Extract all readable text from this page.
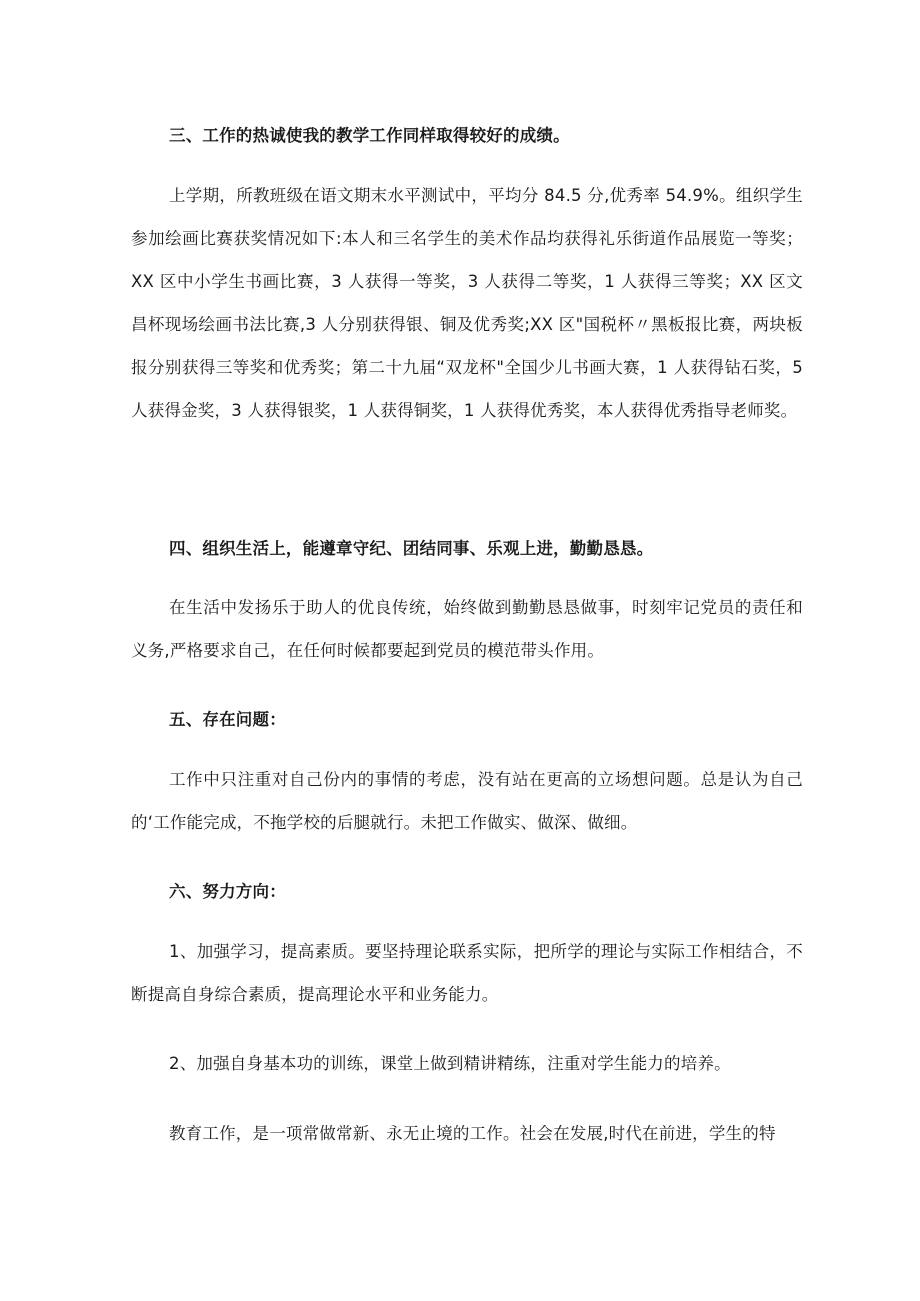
三、工作的热诚使我的教学工作同样取得较好的成绩。

上学期，所教班级在语文期末水平测试中，平均分 84.5 分,优秀率 54.9%。组织学生参加绘画比赛获奖情况如下:本人和三名学生的美术作品均获得礼乐街道作品展览一等奖；XX 区中小学生书画比赛，3 人获得一等奖，3 人获得二等奖，1 人获得三等奖；XX 区文昌杯现场绘画书法比赛,3 人分别获得银、铜及优秀奖;XX 区"国税杯〃黑板报比赛，两块板报分别获得三等奖和优秀奖；第二十九届“双龙杯"全国少儿书画大赛，1 人获得钻石奖，5 人获得金奖，3 人获得银奖，1 人获得铜奖，1 人获得优秀奖，本人获得优秀指导老师奖。

四、组织生活上，能遵章守纪、团结同事、乐观上进，勤勤恳恳。

在生活中发扬乐于助人的优良传统，始终做到勤勤恳恳做事，时刻牢记党员的责任和义务,严格要求自己，在任何时候都要起到党员的模范带头作用。

五、存在问题：

工作中只注重对自己份内的事情的考虑，没有站在更高的立场想问题。总是认为自己的‘工作能完成，不拖学校的后腿就行。未把工作做实、做深、做细。

六、努力方向：

1、加强学习，提高素质。要坚持理论联系实际，把所学的理论与实际工作相结合，不断提高自身综合素质，提高理论水平和业务能力。

2、加强自身基本功的训练，课堂上做到精讲精练，注重对学生能力的培养。

教育工作，是一项常做常新、永无止境的工作。社会在发展,时代在前进，学生的特
